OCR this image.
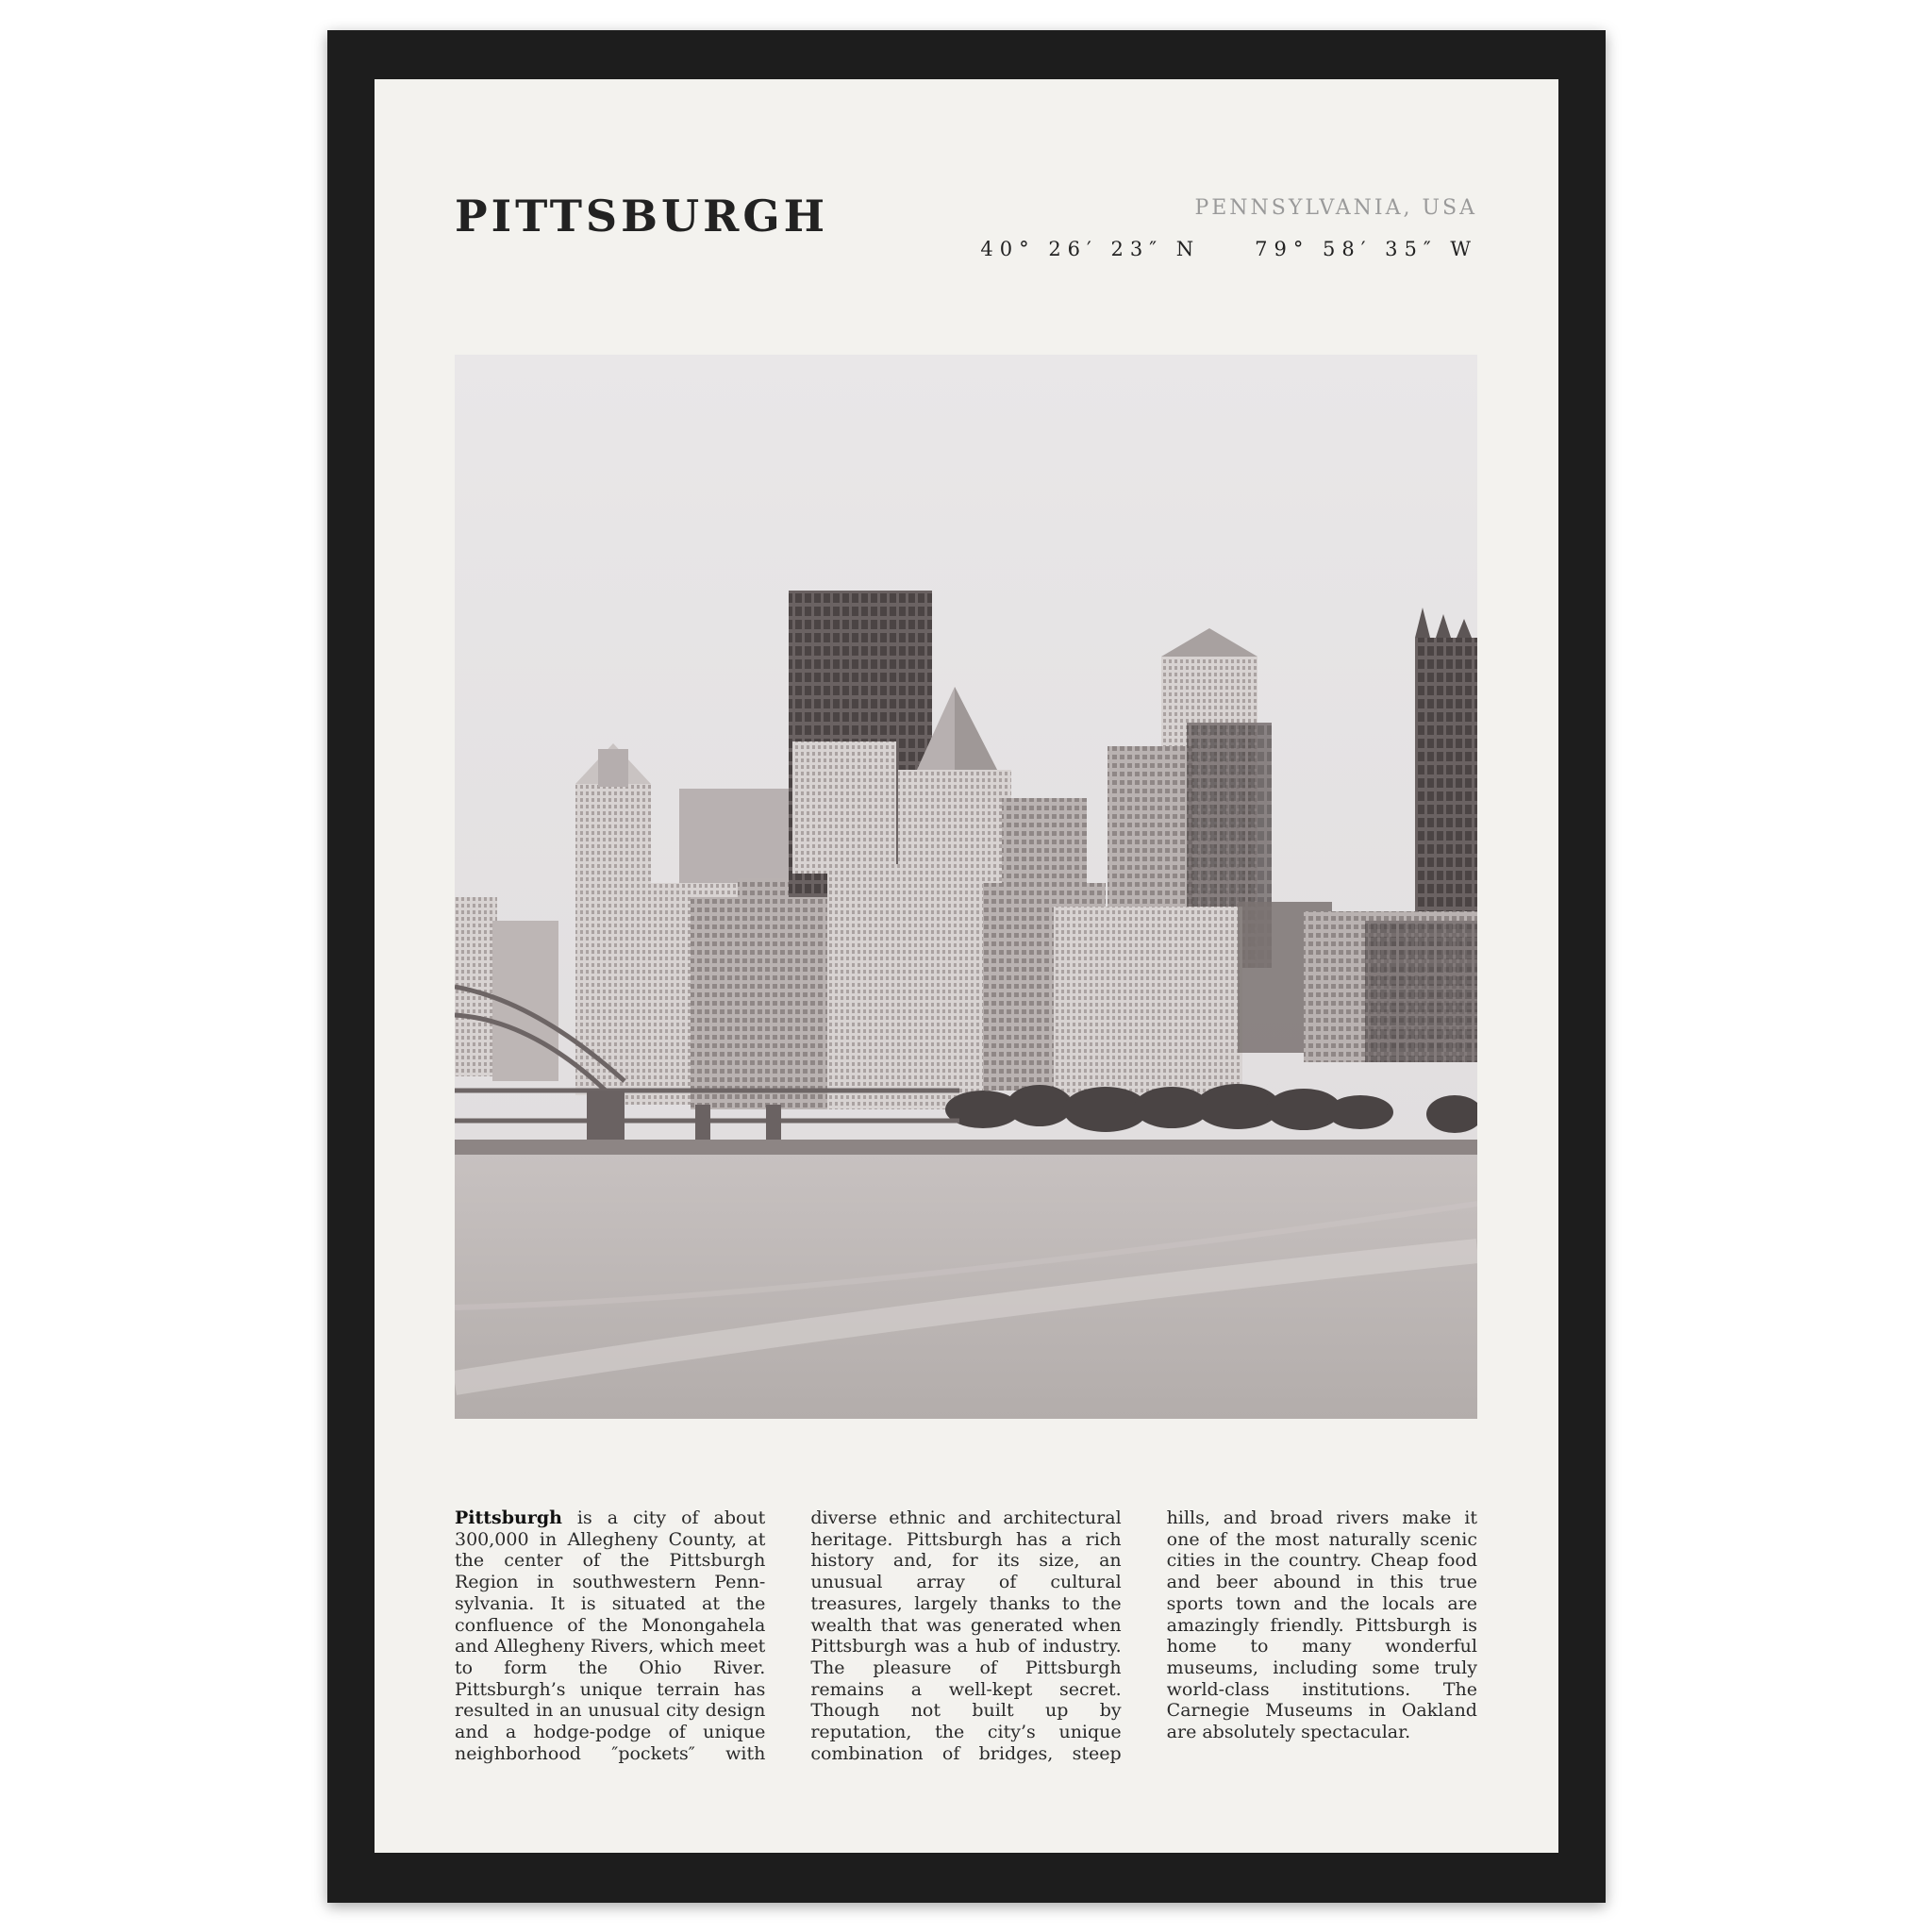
PITTSBURGH	PENNSYLVANIA, USA
40° 26′ 23″ N	79° 58′ 35″ W
Pittsburgh is a city of about 300,000 in Allegheny County, at the center of the Pittsburgh Region in southwestern Pennsylvania. It is situated at the confluence of the Monongahela and Allegheny Rivers, which meet to form the Ohio River. Pittsburgh’s unique terrain has resulted in an unusual city design and a hodge-podge of unique neighborhood ″pockets″ with diverse ethnic and architectural heritage. Pittsburgh has a rich history and, for its size, an unusual array of cultural treasures, largely thanks to the wealth that was generated when Pittsburgh was a hub of industry. The pleasure of Pittsburgh remains a well-kept secret. Though not built up by reputation, the city’s unique combination of bridges, steep hills, and broad rivers make it one of the most naturally scenic cities in the country. Cheap food and beer abound in this true sports town and the locals are amazingly friendly. Pittsburgh is home to many wonderful museums, including some truly world-class institutions. The Carnegie Museums in Oakland are absolutely spectacular.
